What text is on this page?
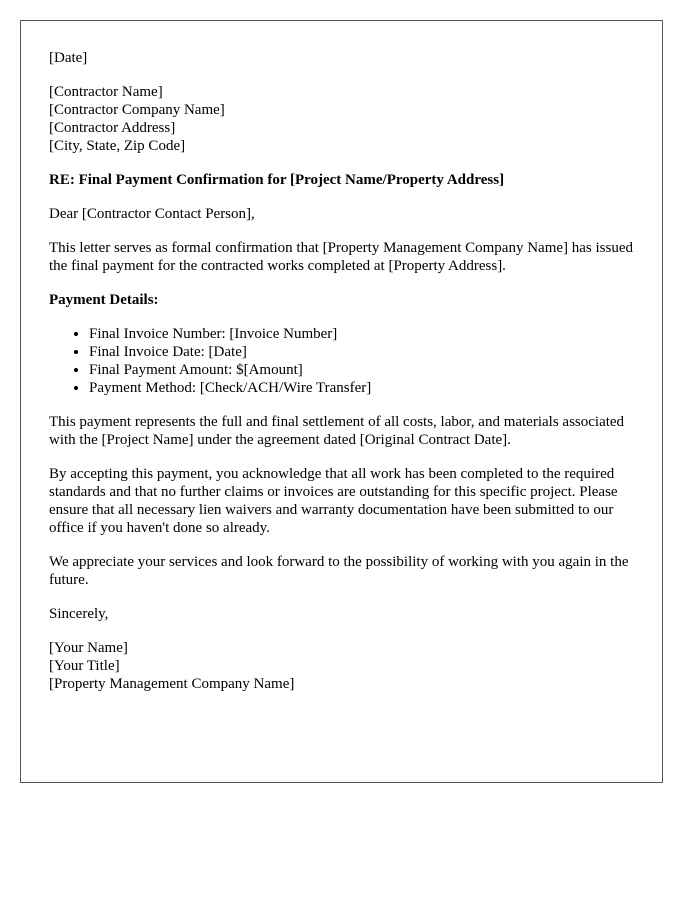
[Date]

[Contractor Name]
[Contractor Company Name]
[Contractor Address]
[City, State, Zip Code]

RE: Final Payment Confirmation for [Project Name/Property Address]

Dear [Contractor Contact Person],

This letter serves as formal confirmation that [Property Management Company Name] has issued the final payment for the contracted works completed at [Property Address].

Payment Details:

• Final Invoice Number: [Invoice Number]
• Final Invoice Date: [Date]
• Final Payment Amount: $[Amount]
• Payment Method: [Check/ACH/Wire Transfer]

This payment represents the full and final settlement of all costs, labor, and materials associated with the [Project Name] under the agreement dated [Original Contract Date].

By accepting this payment, you acknowledge that all work has been completed to the required standards and that no further claims or invoices are outstanding for this specific project. Please ensure that all necessary lien waivers and warranty documentation have been submitted to our office if you haven't done so already.

We appreciate your services and look forward to the possibility of working with you again in the future.

Sincerely,

[Your Name]
[Your Title]
[Property Management Company Name]
